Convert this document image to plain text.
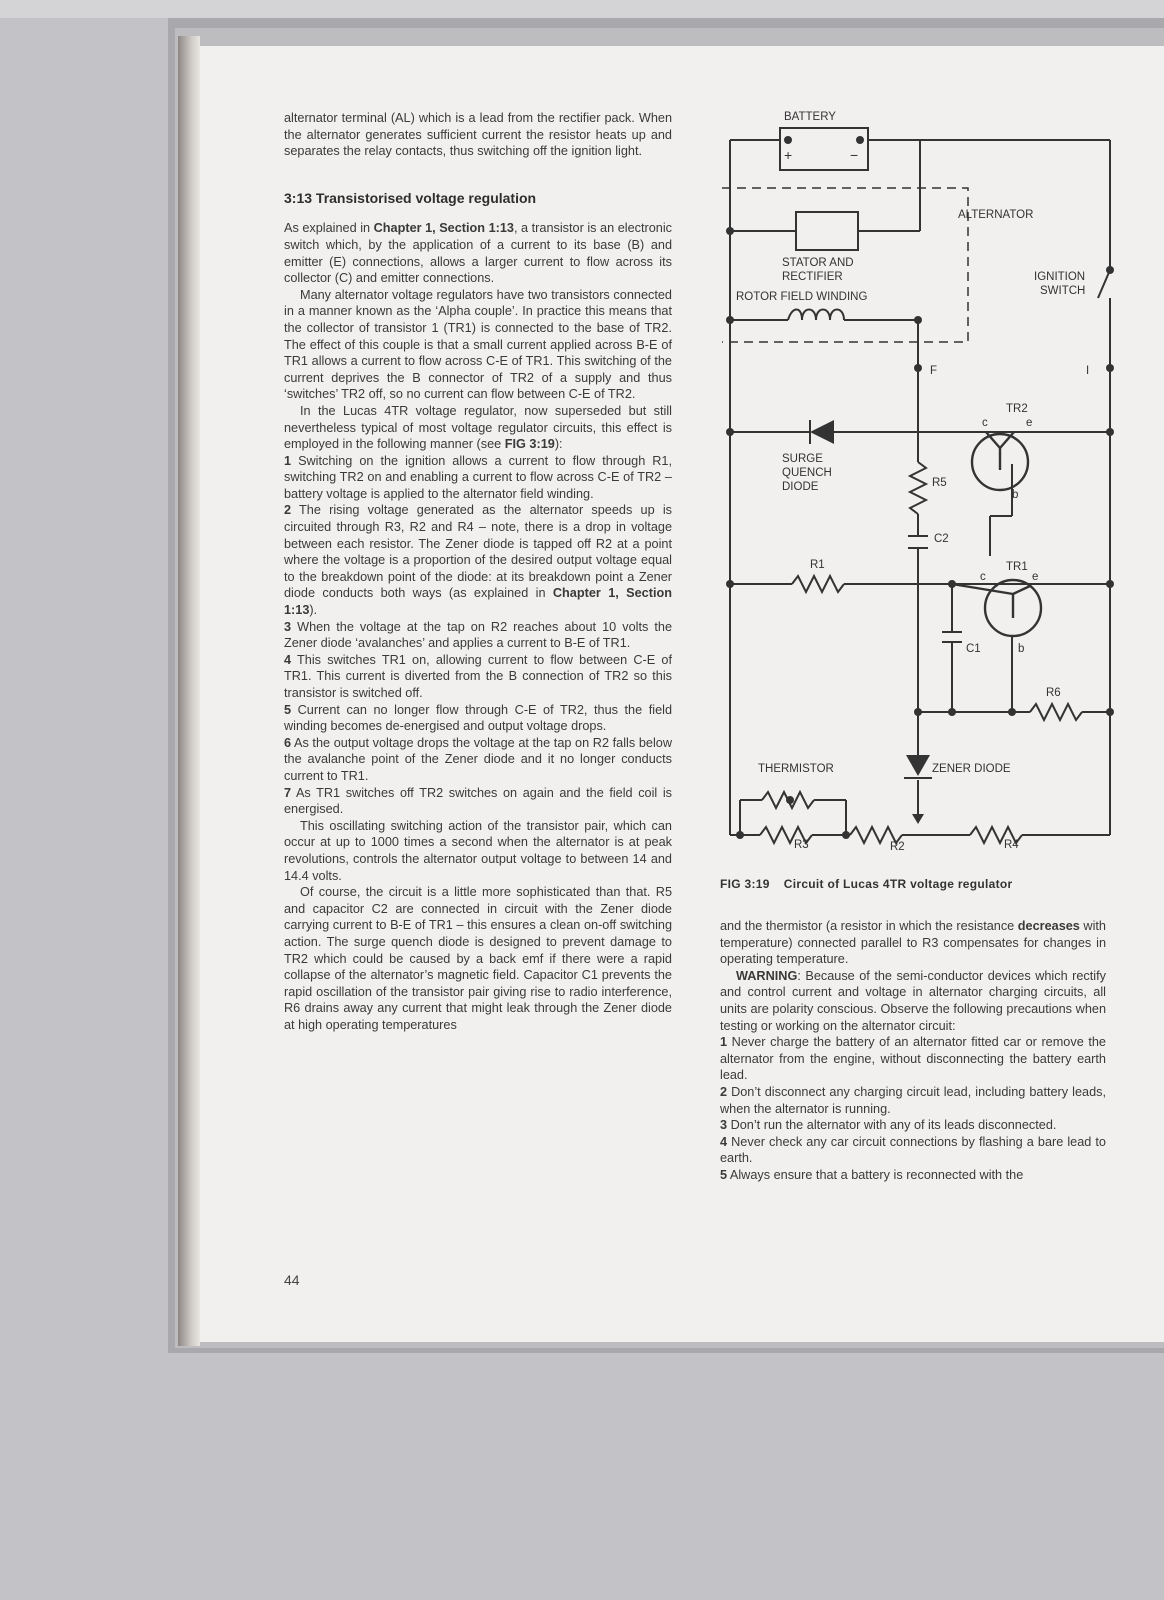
alternator terminal (AL) which is a lead from the rectifier pack. When the alternator generates sufficient current the resistor heats up and separates the relay contacts, thus switching off the ignition light.

3:13 Transistorised voltage regulation

As explained in Chapter 1, Section 1:13, a transistor is an electronic switch which, by the application of a current to its base (B) and emitter (E) connections, allows a larger current to flow across its collector (C) and emitter connections.

Many alternator voltage regulators have two transistors connected in a manner known as the ‘Alpha couple’. In practice this means that the collector of transistor 1 (TR1) is connected to the base of TR2. The effect of this couple is that a small current applied across B-E of TR1 allows a current to flow across C-E of TR1. This switching of the current deprives the B connector of TR2 of a supply and thus ‘switches’ TR2 off, so no current can flow between C-E of TR2.

In the Lucas 4TR voltage regulator, now superseded but still nevertheless typical of most voltage regulator circuits, this effect is employed in the following manner (see FIG 3:19):

1 Switching on the ignition allows a current to flow through R1, switching TR2 on and enabling a current to flow across C-E of TR2 – battery voltage is applied to the alternator field winding.

2 The rising voltage generated as the alternator speeds up is circuited through R3, R2 and R4 – note, there is a drop in voltage between each resistor. The Zener diode is tapped off R2 at a point where the voltage is a proportion of the desired output voltage equal to the breakdown point of the diode: at its breakdown point a Zener diode conducts both ways (as explained in Chapter 1, Section 1:13).

3 When the voltage at the tap on R2 reaches about 10 volts the Zener diode ‘avalanches’ and applies a current to B-E of TR1.

4 This switches TR1 on, allowing current to flow between C-E of TR1. This current is diverted from the B connection of TR2 so this transistor is switched off.

5 Current can no longer flow through C-E of TR2, thus the field winding becomes de-energised and output voltage drops.

6 As the output voltage drops the voltage at the tap on R2 falls below the avalanche point of the Zener diode and it no longer conducts current to TR1.

7 As TR1 switches off TR2 switches on again and the field coil is energised.

This oscillating switching action of the transistor pair, which can occur at up to 1000 times a second when the alternator is at peak revolutions, controls the alternator output voltage to between 14 and 14.4 volts.

Of course, the circuit is a little more sophisticated than that. R5 and capacitor C2 are connected in circuit with the Zener diode carrying current to B-E of TR1 – this ensures a clean on-off switching action. The surge quench diode is designed to prevent damage to TR2 which could be caused by a back emf if there were a rapid collapse of the alternator’s magnetic field. Capacitor C1 prevents the rapid oscillation of the transistor pair giving rise to radio interference, R6 drains away any current that might leak through the Zener diode at high operating temperatures

BATTERY
+	−
ALTERNATOR
STATOR AND
RECTIFIER
ROTOR FIELD WINDING
IGNITION
SWITCH
F	I
TR2
c	e
b
SURGE
QUENCH
DIODE	R5
C2
R1	TR1
c	e
b
C1
R6
THERMISTOR	ZENER DIODE
R3	R2	R4
FIG 3:19 Circuit of Lucas 4TR voltage regulator

and the thermistor (a resistor in which the resistance decreases with temperature) connected parallel to R3 compensates for changes in operating temperature.

WARNING: Because of the semi-conductor devices which rectify and control current and voltage in alternator charging circuits, all units are polarity conscious. Observe the following precautions when testing or working on the alternator circuit:

1 Never charge the battery of an alternator fitted car or remove the alternator from the engine, without disconnecting the battery earth lead.

2 Don’t disconnect any charging circuit lead, including battery leads, when the alternator is running.

3 Don’t run the alternator with any of its leads disconnected.

4 Never check any car circuit connections by flashing a bare lead to earth.

5 Always ensure that a battery is reconnected with the

44
